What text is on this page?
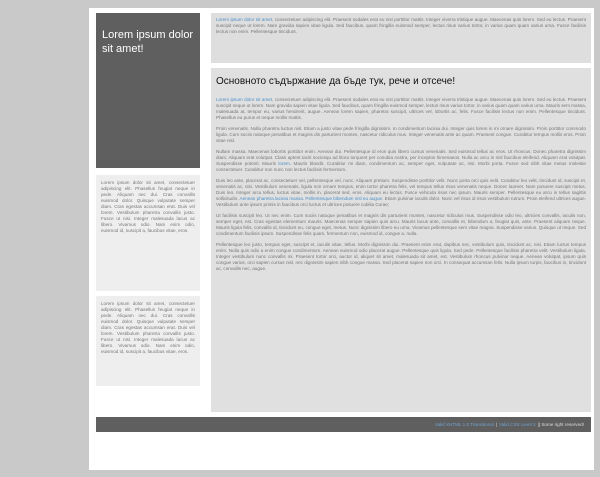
Lorem ipsum dolor sit amet!

Lorem ipsum dolor sit amet, consectetuer adipiscing elit. Praesent sodales erat eu nisi porttitor mattis. Integer viverra tristique augue. Maecenas quis lorem. Sed eu lectus. Praesent suscipit neque ut lorem. Nam gravida sapien vitae ligula. Sed faucibus, quam fringilla euismod semper, lectus risus varius tortor, in varius quam quam varius urna. Fusce facilisis lectus non enim. Pellentesque tincidunt.

Основното съдържание да бъде тук, рече и отсече!

Lorem ipsum dolor sit amet, consectetuer adipiscing elit. Praesent sodales erat eu nisi porttitor mattis. Integer viverra tristique augue. Maecenas quis lorem. Sed eu lectus. Praesent suscipit neque ut lorem. Nam gravida sapien vitae ligula. Sed faucibus, quam fringilla euismod semper, lectus risus varius tortor, in varius quam quam varius urna. Mauris sem massa, malesuada at, tempor eu, varius hendrerit, augue. Aenean lorem sapien, pharetra suscipit, ultrices vel, lobortis ac, felis. Fusce facilisis lectus non enim. Pellentesque tincidunt. Phasellus eu purus et neque mollis mattis.

Proin venenatis. Nulla pharetra luctus nisl. Etiam a justo vitae pede fringilla dignissim. In condimentum lacinia dui. Integer quis lorem in mi ornare dignissim. Proin porttitor commodo ligula. Cum sociis natoque penatibus et magnis dis parturient montes, nascetur ridiculus mus. Integer venenatis ante ac quam. Praesent congue. Curabitur tempus mollis eros. Proin vitae nisl.

Nullam massa. Maecenas lobortis porttitor enim. Aenean dui. Pellentesque id eros quis libero cursus venenatis. Sed euismod tellus ac eros. Ut rhoncus. Donec pharetra dignissim diam. Aliquam erat volutpat. Class aptent taciti sociosqu ad litora torquent per conubia nostra, per inceptos himenaeos. Nulla ac arcu in nisl faucibus eleifend. Aliquam erat volutpat. Suspendisse potenti. Mauris lorem. Mauris blandit. Curabitur mi diam, condimentum ac, semper eget, vulputate ac, nisi. Morbi porta. Fusce sed nibh vitae metus molestie consectetuer. Curabitur non nunc non lectus facilisis fermentum.

Duis leo ante, placerat ac, consectetuer vel, pellentesque vel, nunc. Aliquam pretium. Suspendisse porttitor velit. Nunc porta orci quis velit. Curabitur leo velit, tincidunt id, suscipit et, venenatis ac, nisi. Vestibulum venenatis, ligula non ornare tempus, enim tortor pharetra felis, vel tempus tellus risus venenatis neque. Donec laoreet. Nam posuere suscipit metus. Duis leo. Integer arcu tellus, luctus vitae, mollis in, placerat sed, eros. Aliquam eu lectus. Fusce vehicula risus nec ipsum. Mauris semper. Pellentesque eu arcu in tellus sagittis sollicitudin. Aenean pharetra lacinia massa. Pellentesque bibendum nisl eu augue. Etiam pulvinar iaculis dolor. Nunc vel risus id risus vestibulum rutrum. Proin eleifend ultrices augue. Vestibulum ante ipsum primis in faucibus orci luctus et ultrices posuere cubilia Curae;

Ut facilisis suscipit leo. Ut nec enim. Cum sociis natoque penatibus et magnis dis parturient montes, nascetur ridiculus mus. Suspendisse odio leo, ultricies convallis, iaculis non, semper eget, est. Cras egestas elementum mauris. Maecenas semper sapien quis arcu. Mauris lacus ante, convallis et, bibendum a, feugiat quis, ante. Praesent aliquam neque. Mauris ligula felis, convallis id, tincidunt eu, congue eget, metus. Nunc dignissim libero eu urna. Vivamus pellentesque sem vitae magna. Suspendisse varius. Quisque ut neque. Sed condimentum facilisis ipsum. Suspendisse felis quam, fermentum non, euismod id, congue a, nulla.

Pellentesque leo justo, tempus eget, suscipit et, iaculis vitae, tellus. Morbi dignissim dui. Praesent enim erat, dapibus nec, vestibulum quis, tincidunt ac, nisi. Etiam luctus tempus enim. Nulla quis odio a enim congue condimentum. Aenean euismod odio placerat augue. Pellentesque quis ligula. Sed pede. Pellentesque facilisis pharetra velit. Vestibulum ligula. Integer vestibulum nunc convallis mi. Praesent tortor orci, auctor id, aliquet sit amet, malesuada sit amet, est. Vestibulum rhoncus pulvinar neque. Aenean volutpat, ipsum quis congue varius, orci sapien cursus nisl, nec dignissim sapien nibh congue massa. Sed placerat sapien non orci. In consequat accumsan felis. Nulla ipsum turpis, faucibus in, tincidunt ac, convallis nec, augue.

Lorem ipsum dolor sit amet, consectetuer adipiscing elit. Phasellus feugiat neque in pede. Aliquam nec dui. Cras convallis euismod dolor. Quisque vulputate semper diam. Cras egestas accumsan erat. Duis vel lorem. Vestibulum pharetra convallis justo. Fusce ut nisi. Integer malesuada lacus ac libero. Vivamus odio. Nam enim odio, euismod id, suscipit a, faucibus vitae, eros.

Lorem ipsum dolor sit amet, consectetuer adipiscing elit. Phasellus feugiat neque in pede. Aliquam nec dui. Cras convallis euismod dolor. Quisque vulputate semper diam. Cras egestas accumsan erat. Duis vel lorem. Vestibulum pharetra convallis justo. Fusce ut nisi. Integer malesuada lacus ac libero. Vivamus odio. Nam enim odio, euismod id, suscipit a, faucibus vitae, eros.

Valid XHTML 1.0 Transitional | Valid CSS Level 2 || Some right reserved!
